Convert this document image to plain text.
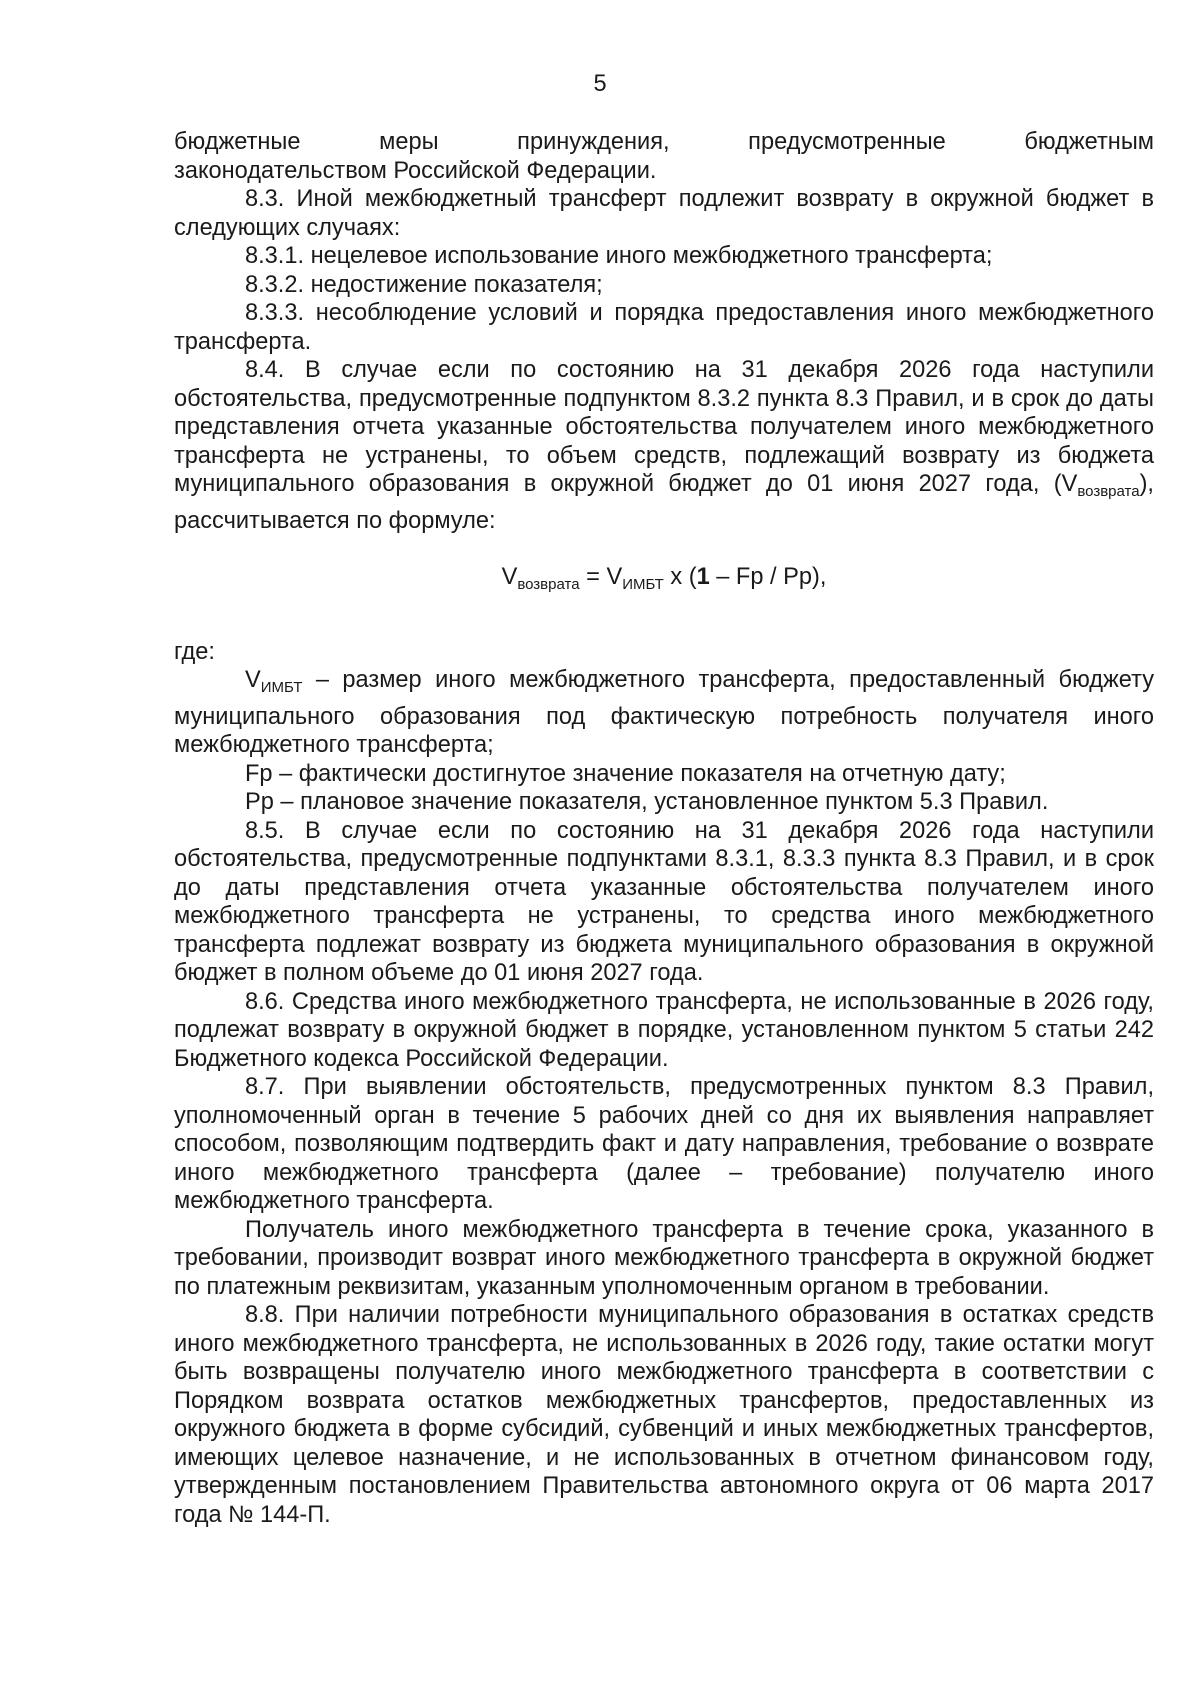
5
бюджетные меры принуждения, предусмотренные бюджетным
законодательством Российской Федерации.

8.3. Иной межбюджетный трансферт подлежит возврату в окружной бюджет в следующих случаях:

8.3.1. нецелевое использование иного межбюджетного трансферта;

8.3.2. недостижение показателя;

8.3.3. несоблюдение условий и порядка предоставления иного межбюджетного трансферта.

8.4. В случае если по состоянию на 31 декабря 2026 года наступили обстоятельства, предусмотренные подпунктом 8.3.2 пункта 8.3 Правил, и в срок до даты представления отчета указанные обстоятельства получателем иного межбюджетного трансферта не устранены, то объем средств, подлежащий возврату из бюджета муниципального образования в окружной бюджет до 01 июня 2027 года, $(V_{возврата})$, рассчитывается по формуле:

$V_{возврата} = V_{ИМБТ}$ x (1 – Fp / Pp),

где:

$V_{ИМБТ}$ – размер иного межбюджетного трансферта, предоставленный бюджету муниципального образования под фактическую потребность получателя иного межбюджетного трансферта;

Fp – фактически достигнутое значение показателя на отчетную дату;

Pp – плановое значение показателя, установленное пунктом 5.3 Правил.

8.5. В случае если по состоянию на 31 декабря 2026 года наступили обстоятельства, предусмотренные подпунктами 8.3.1, 8.3.3 пункта 8.3 Правил, и в срок до даты представления отчета указанные обстоятельства получателем иного межбюджетного трансферта не устранены, то средства иного межбюджетного трансферта подлежат возврату из бюджета муниципального образования в окружной бюджет в полном объеме до 01 июня 2027 года.

8.6. Средства иного межбюджетного трансферта, не использованные в 2026 году, подлежат возврату в окружной бюджет в порядке, установленном пунктом 5 статьи 242 Бюджетного кодекса Российской Федерации.

8.7. При выявлении обстоятельств, предусмотренных пунктом 8.3 Правил, уполномоченный орган в течение 5 рабочих дней со дня их выявления направляет способом, позволяющим подтвердить факт и дату направления, требование о возврате иного межбюджетного трансферта (далее – требование) получателю иного межбюджетного трансферта.

Получатель иного межбюджетного трансферта в течение срока, указанного в требовании, производит возврат иного межбюджетного трансферта в окружной бюджет по платежным реквизитам, указанным уполномоченным органом в требовании.

8.8. При наличии потребности муниципального образования в остатках средств иного межбюджетного трансферта, не использованных в 2026 году, такие остатки могут быть возвращены получателю иного межбюджетного трансферта в соответствии с Порядком возврата остатков межбюджетных трансфертов, предоставленных из окружного бюджета в форме субсидий, субвенций и иных межбюджетных трансфертов, имеющих целевое назначение, и не использованных в отчетном финансовом году, утвержденным постановлением Правительства автономного округа от 06 марта 2017 года № 144-П.
